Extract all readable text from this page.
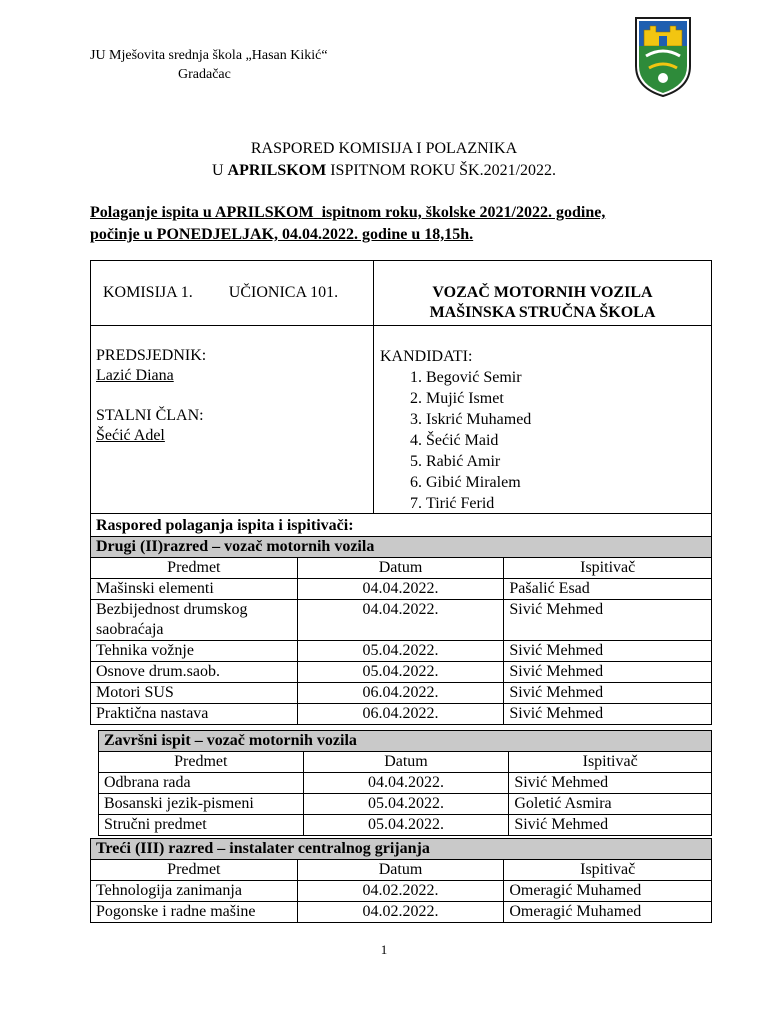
JU Mješovita srednja škola „Hasan Kikić“
Gradačac
RASPORED KOMISIJA I POLAZNIKA
U APRILSKOM ISPITNOM ROKU ŠK.2021/2022.
Polaganje ispita u APRILSKOM  ispitnom roku, školske 2021/2022. godine,
počinje u PONEDJELJAK, 04.04.2022. godine u 18,15h.
KOMISIJA 1. UČIONICA 101.	VOZAČ MOTORNIH VOZILA
MAŠINSKA STRUČNA ŠKOLA
PREDSJEDNIK:
Lazić Diana
STALNI ČLAN:
Šećić Adel
KANDIDATI:
1. Begović Semir
2. Mujić Ismet
3. Iskrić Muhamed
4. Šećić Maid
5. Rabić Amir
6. Gibić Miralem
7. Tirić Ferid
Raspored polaganja ispita i ispitivači:
Drugi (II)razred – vozač motornih vozila		
Predmet	Datum	Ispitivač
Mašinski elementi	04.04.2022.	Pašalić Esad
Bezbijednost drumskog saobraćaja	04.04.2022.	Sivić Mehmed
Tehnika vožnje	05.04.2022.	Sivić Mehmed
Osnove drum.saob.	05.04.2022.	Sivić Mehmed
Motori SUS	06.04.2022.	Sivić Mehmed
Praktična nastava	06.04.2022.	Sivić Mehmed
Završni ispit – vozač motornih vozila		
Predmet	Datum	Ispitivač
Odbrana rada	04.04.2022.	Sivić Mehmed
Bosanski jezik-pismeni	05.04.2022.	Goletić Asmira
Stručni predmet	05.04.2022.	Sivić Mehmed
Treći (III) razred – instalater centralnog grijanja		
Predmet	Datum	Ispitivač
Tehnologija zanimanja	04.02.2022.	Omeragić Muhamed
Pogonske i radne mašine	04.02.2022.	Omeragić Muhamed
1
